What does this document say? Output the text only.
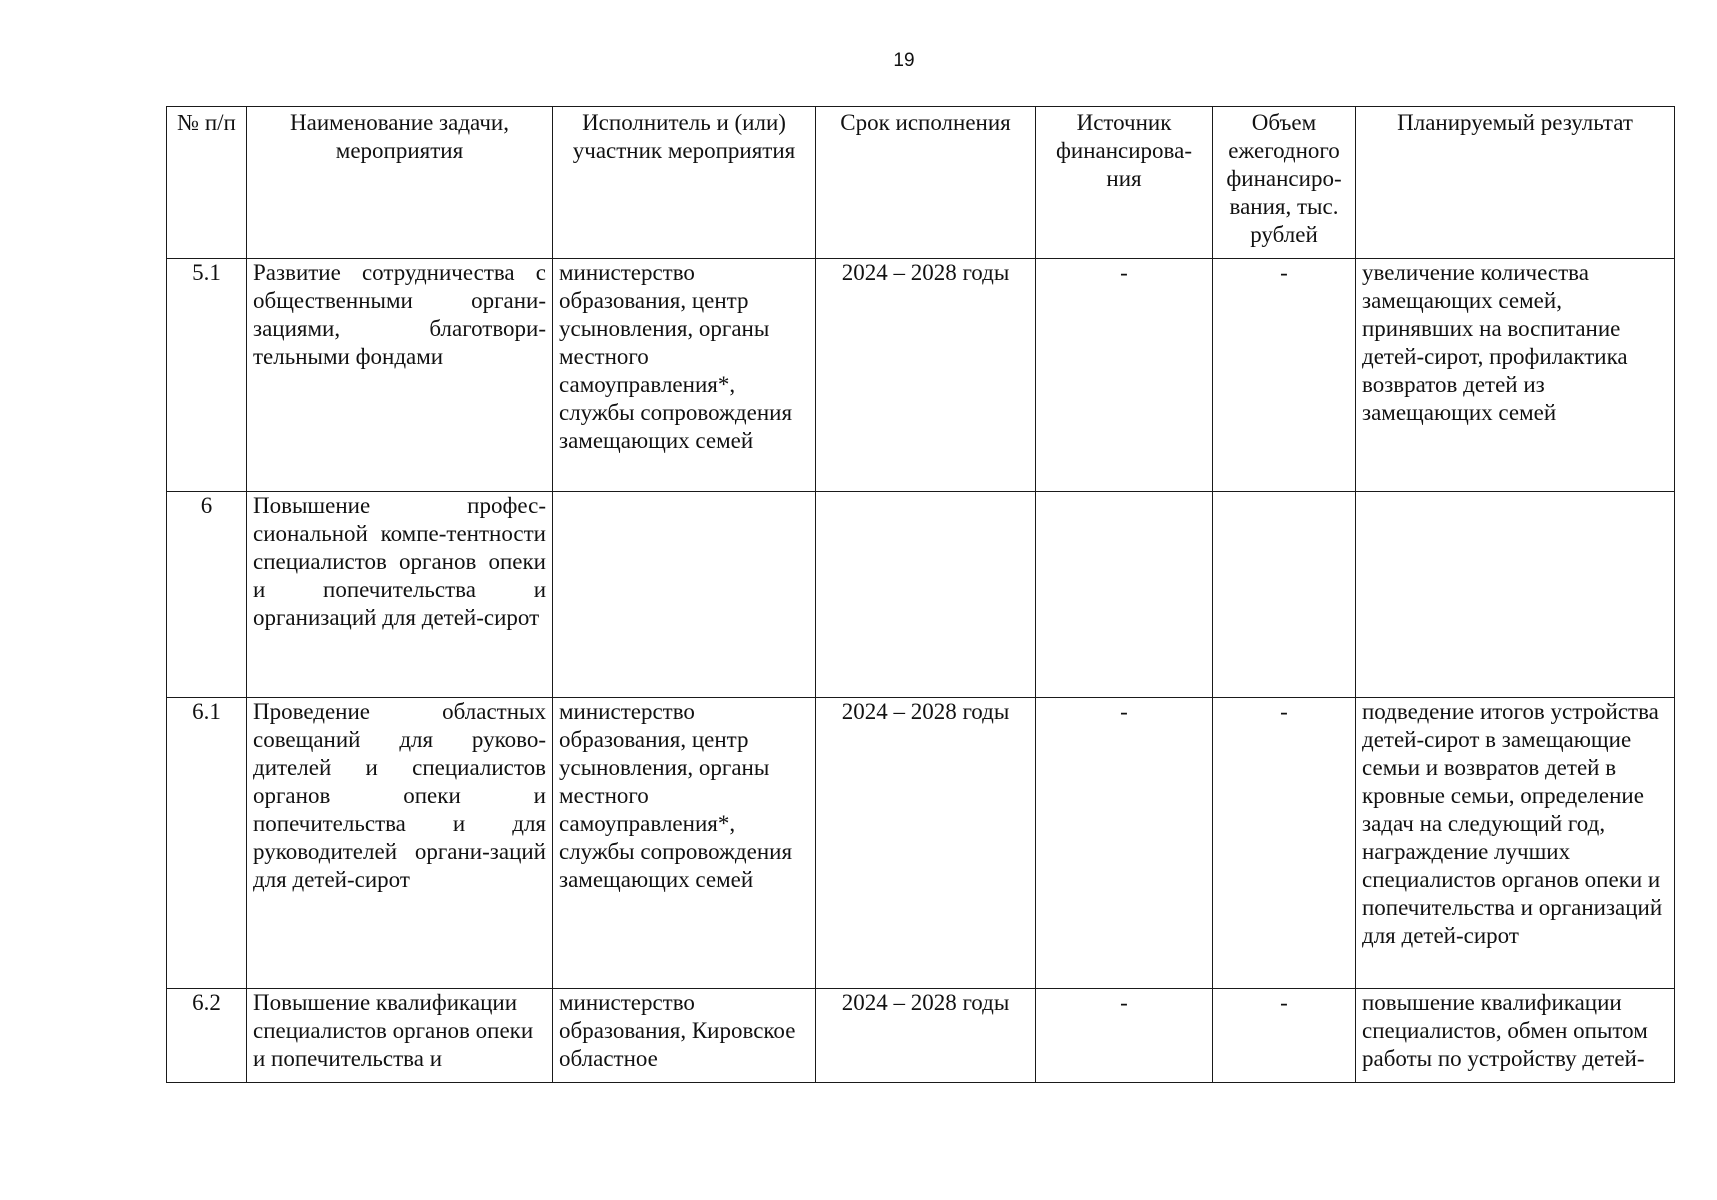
19
№ п/п	Наименование задачи, мероприятия	Исполнитель и (или) участник мероприятия	Срок исполнения	Источник финансирова-ния	Объем ежегодного финансиро-вания, тыс. рублей	Планируемый результат
5.1	Развитие сотрудничества с общественными органи-зациями, благотвори-тельными фондами	министерство образования, центр усыновления, органы местного самоуправления*, службы сопровождения замещающих семей	2024 – 2028 годы	-	-	увеличение количества замещающих семей, принявших на воспитание детей-сирот, профилактика возвратов детей из замещающих семей
6	Повышение профес-сиональной компе-тентности специалистов органов опеки и попечительства и организаций для детей-сирот					
6.1	Проведение областных совещаний для руково-дителей и специалистов органов опеки и попечительства и для руководителей органи-заций для детей-сирот	министерство образования, центр усыновления, органы местного самоуправления*, службы сопровождения замещающих семей	2024 – 2028 годы	-	-	подведение итогов устройства детей-сирот в замещающие семьи и возвратов детей в кровные семьи, определение задач на следующий год, награждение лучших специалистов органов опеки и попечительства и организаций для детей-сирот
6.2	Повышение квалификации специалистов органов опеки и попечительства и	министерство образования, Кировское областное	2024 – 2028 годы	-	-	повышение квалификации специалистов, обмен опытом работы по устройству детей-
